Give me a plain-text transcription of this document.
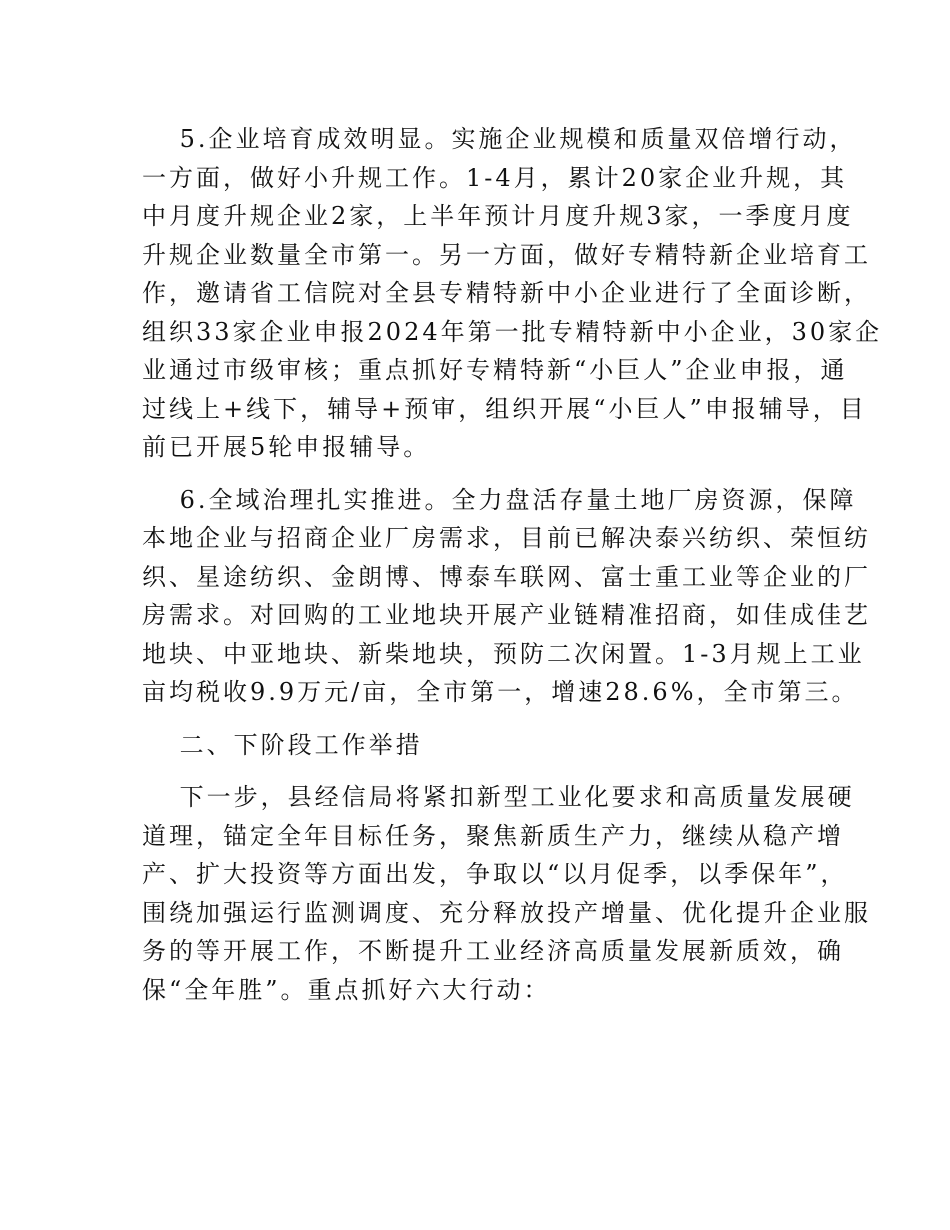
　 5.企业培育成效明显。实施企业规模和质量双倍增行动，
一方面，做好小升规工作。1-4月，累计20家企业升规，其
中月度升规企业2家，上半年预计月度升规3家，一季度月度
升规企业数量全市第一。另一方面，做好专精特新企业培育工
作，邀请省工信院对全县专精特新中小企业进行了全面诊断，
组织33家企业申报2024年第一批专精特新中小企业，30家企
业通过市级审核；重点抓好专精特新“小巨人”企业申报，通
过线上+线下，辅导+预审，组织开展“小巨人”申报辅导，目
前已开展5轮申报辅导。
　 6.全域治理扎实推进。全力盘活存量土地厂房资源，保障
本地企业与招商企业厂房需求，目前已解决泰兴纺织、荣恒纺
织、星途纺织、金朗博、博泰车联网、富士重工业等企业的厂
房需求。对回购的工业地块开展产业链精准招商，如佳成佳艺
地块、中亚地块、新柴地块，预防二次闲置。1-3月规上工业
亩均税收9.9万元/亩，全市第一，增速28.6%，全市第三。
　 二、下阶段工作举措
　 下一步，县经信局将紧扣新型工业化要求和高质量发展硬
道理，锚定全年目标任务，聚焦新质生产力，继续从稳产增
产、扩大投资等方面出发，争取以“以月促季，以季保年”，
围绕加强运行监测调度、充分释放投产增量、优化提升企业服
务的等开展工作，不断提升工业经济高质量发展新质效，确
保“全年胜”。重点抓好六大行动：
